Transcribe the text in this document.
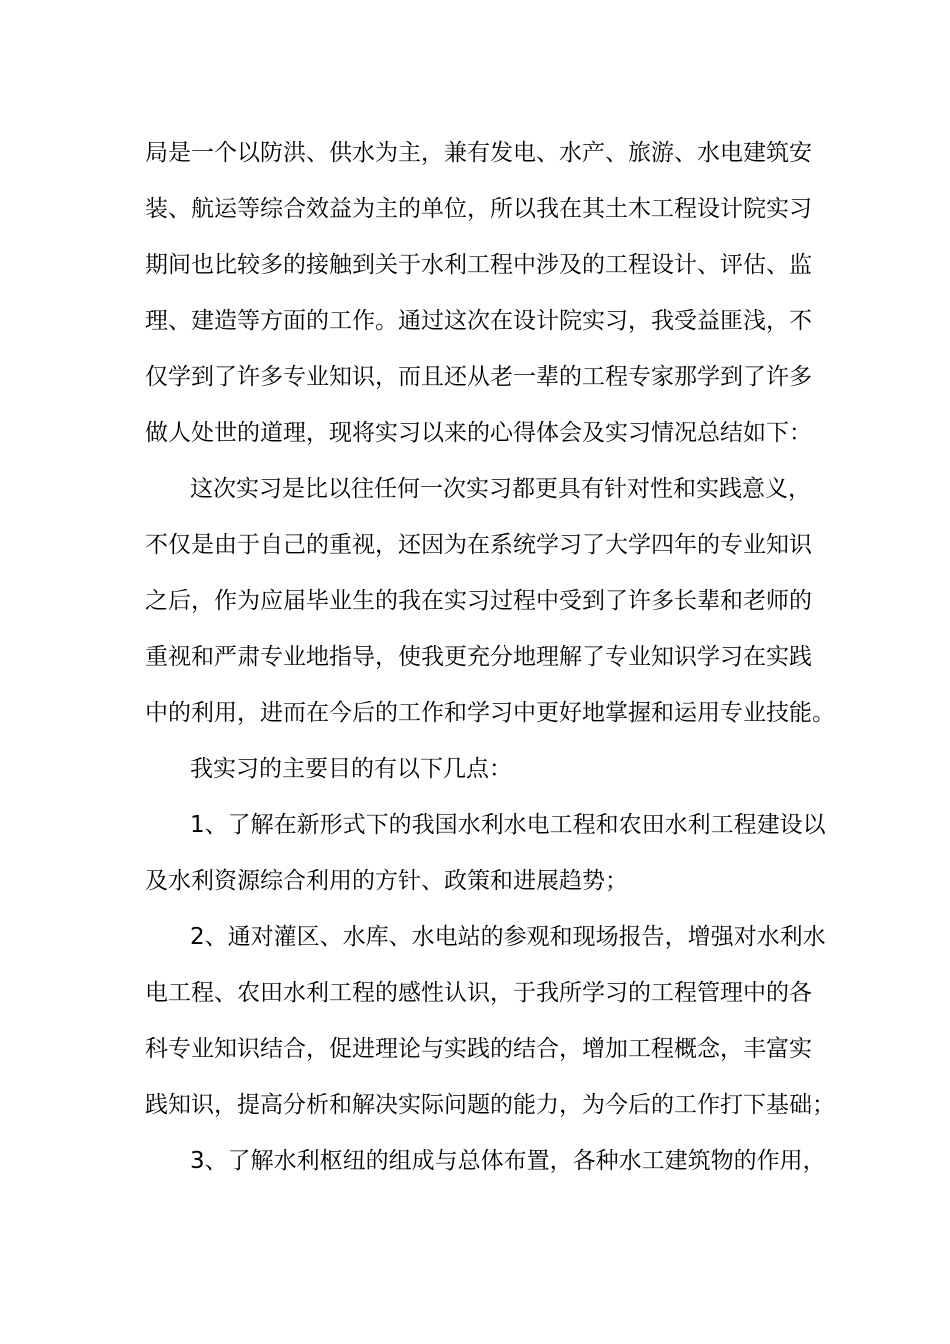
局是一个以防洪、供水为主，兼有发电、水产、旅游、水电建筑安
装、航运等综合效益为主的单位，所以我在其土木工程设计院实习
期间也比较多的接触到关于水利工程中涉及的工程设计、评估、监
理、建造等方面的工作。通过这次在设计院实习，我受益匪浅，不
仅学到了许多专业知识，而且还从老一辈的工程专家那学到了许多
做人处世的道理，现将实习以来的心得体会及实习情况总结如下：
这次实习是比以往任何一次实习都更具有针对性和实践意义，
不仅是由于自己的重视，还因为在系统学习了大学四年的专业知识
之后，作为应届毕业生的我在实习过程中受到了许多长辈和老师的
重视和严肃专业地指导，使我更充分地理解了专业知识学习在实践
中的利用，进而在今后的工作和学习中更好地掌握和运用专业技能。
我实习的主要目的有以下几点：
1、了解在新形式下的我国水利水电工程和农田水利工程建设以
及水利资源综合利用的方针、政策和进展趋势；
2、通对灌区、水库、水电站的参观和现场报告，增强对水利水
电工程、农田水利工程的感性认识，于我所学习的工程管理中的各
科专业知识结合，促进理论与实践的结合，增加工程概念，丰富实
践知识，提高分析和解决实际问题的能力，为今后的工作打下基础；
3、了解水利枢纽的组成与总体布置，各种水工建筑物的作用，
